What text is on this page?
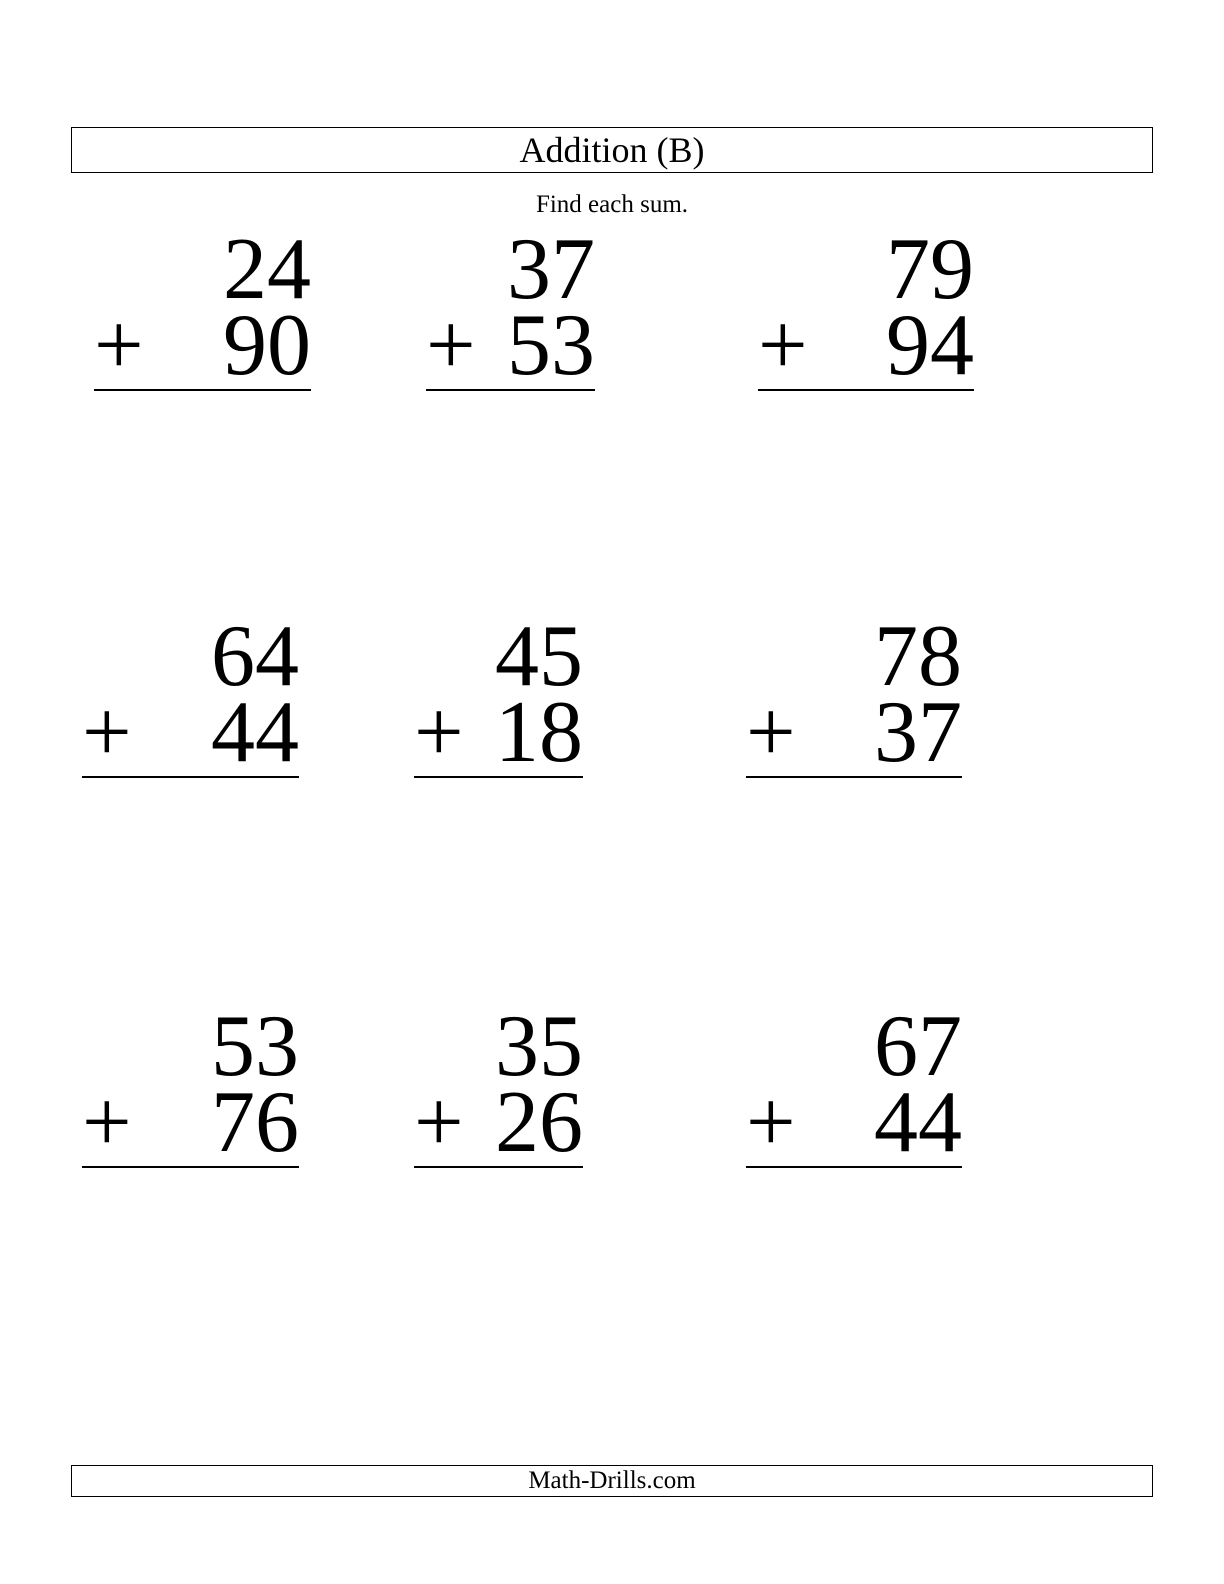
Addition (B)
Find each sum.
24
+ 90
37
+ 53
79
+ 94
64
+ 44
45
+ 18
78
+ 37
53
+ 76
35
+ 26
67
+ 44
Math-Drills.com
